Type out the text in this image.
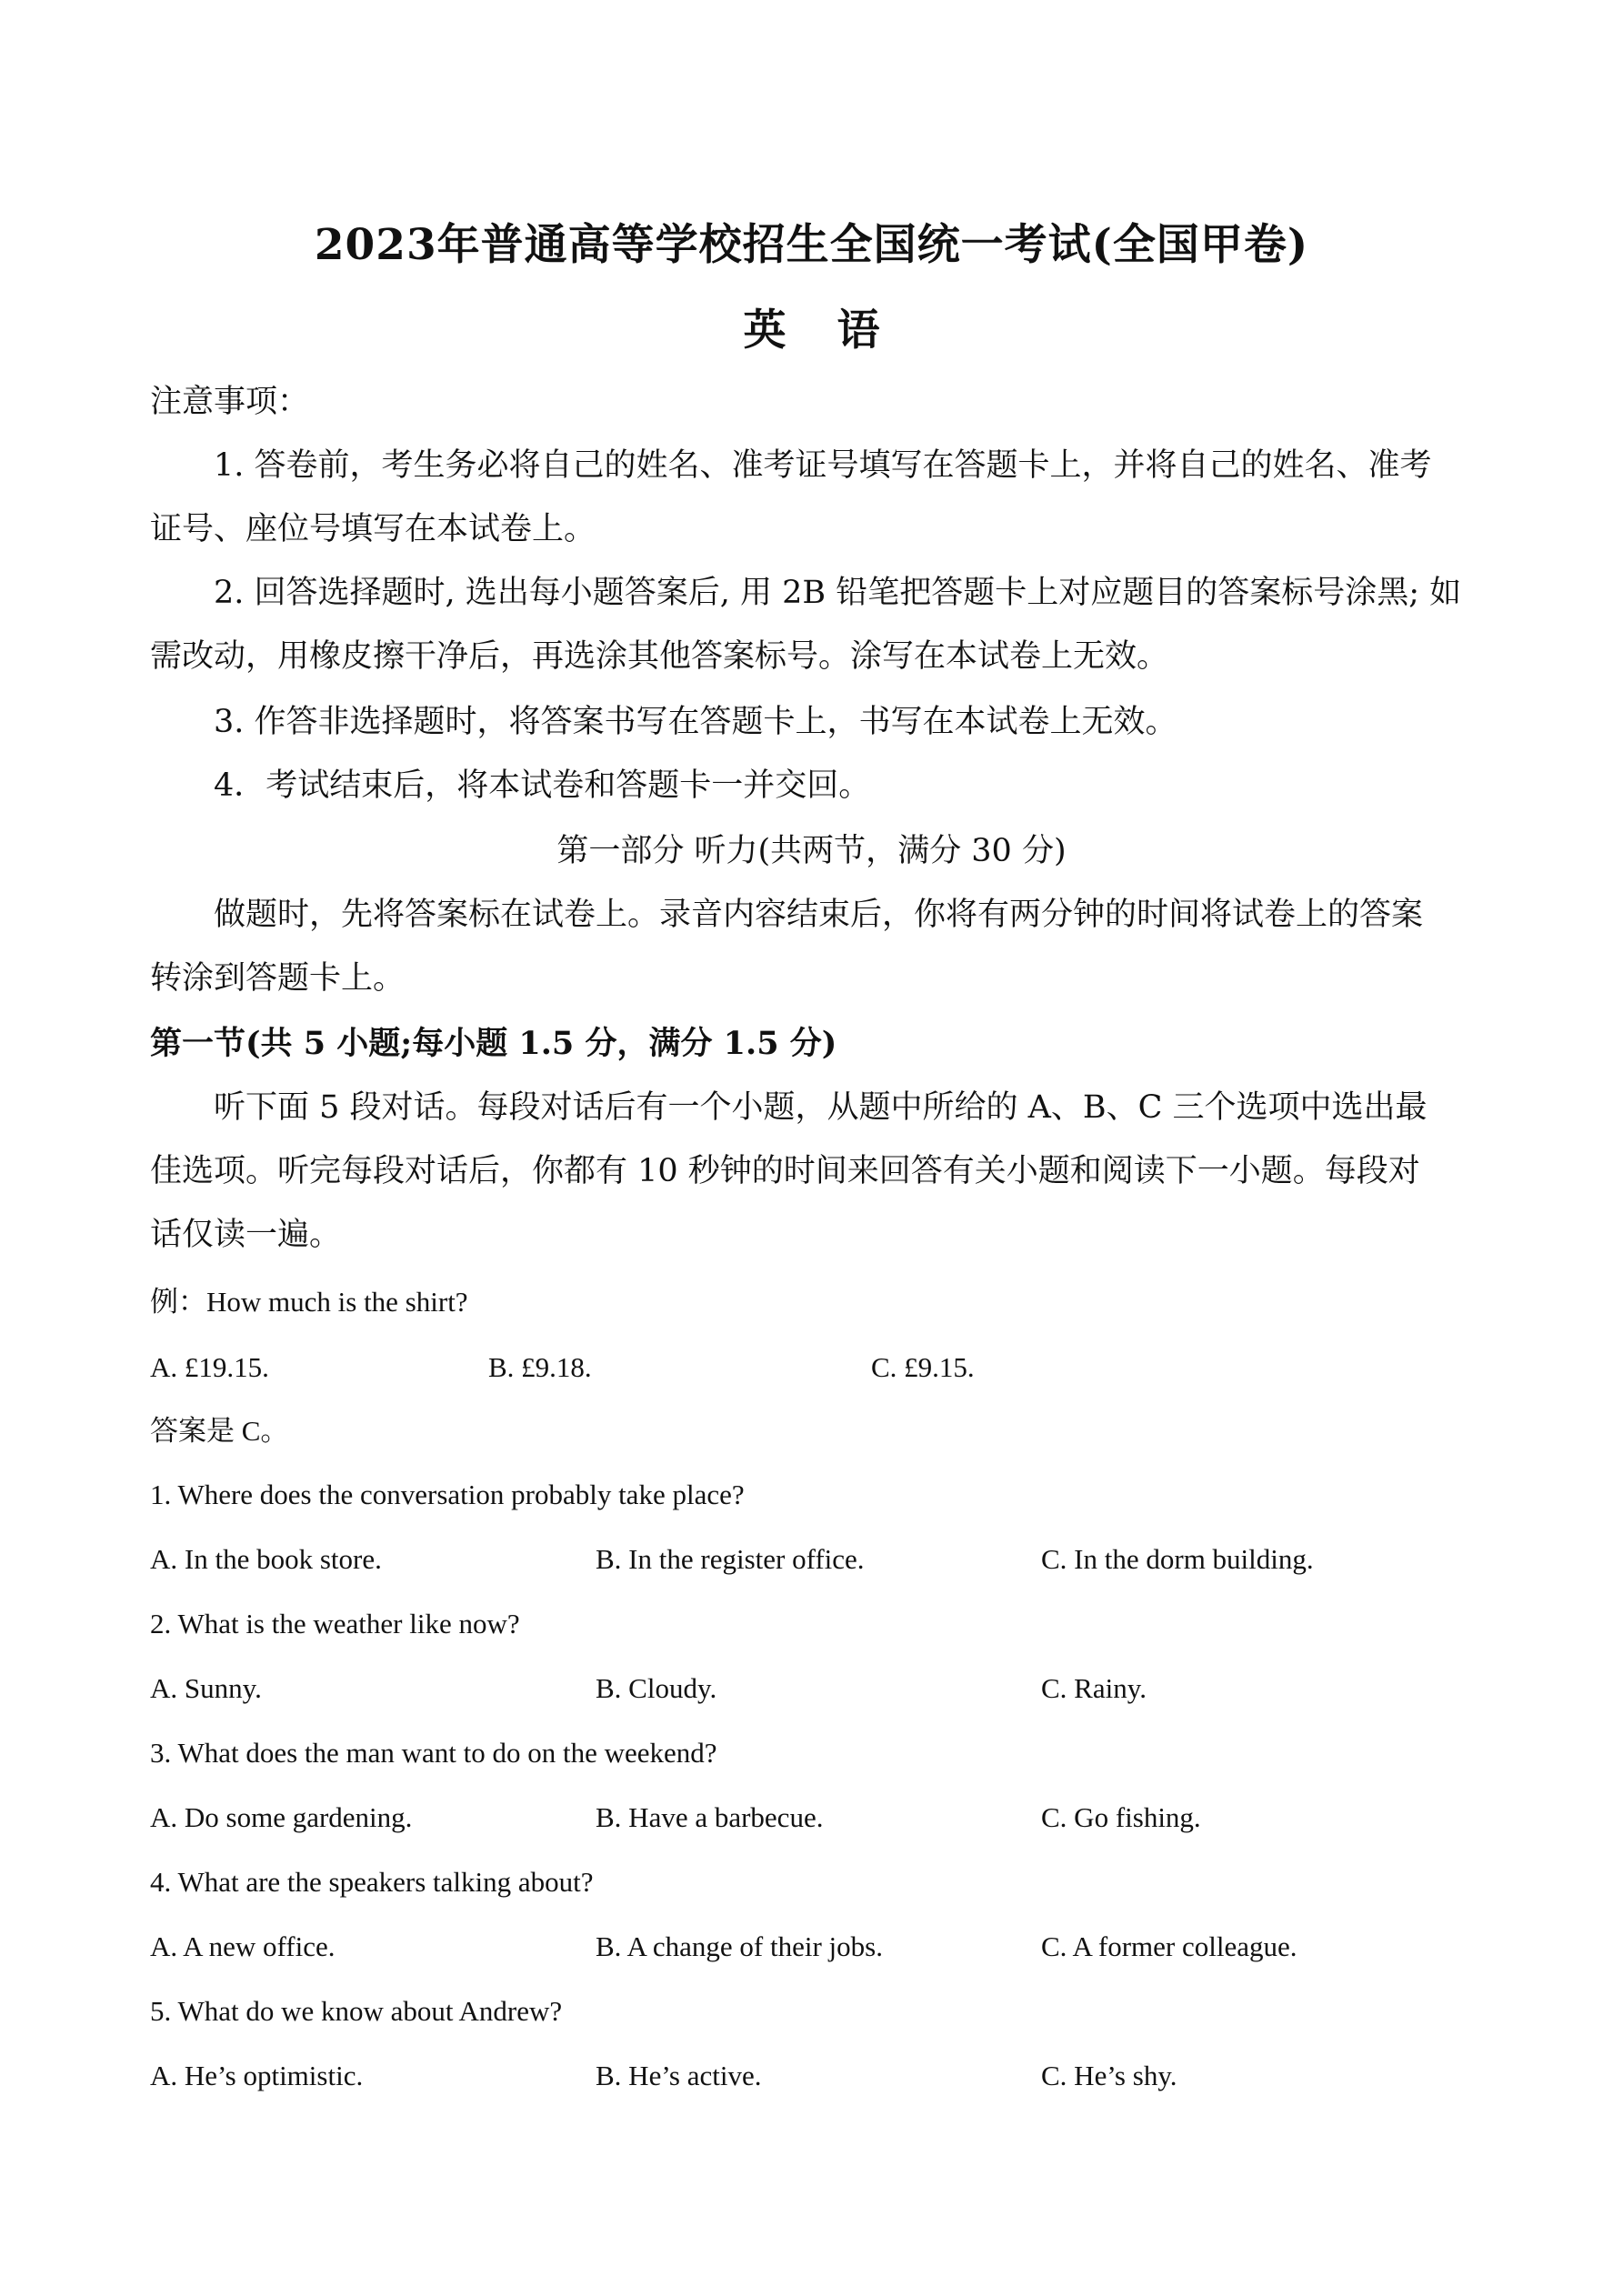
2023年普通高等学校招生全国统一考试(全国甲卷)
英 语
注意事项：
1. 答卷前，考生务必将自己的姓名、准考证号填写在答题卡上，并将自己的姓名、准考
证号、座位号填写在本试卷上。
2. 回答选择题时, 选出每小题答案后, 用 2B 铅笔把答题卡上对应题目的答案标号涂黑; 如
需改动，用橡皮擦干净后，再选涂其他答案标号。涂写在本试卷上无效。
3. 作答非选择题时，将答案书写在答题卡上，书写在本试卷上无效。
4．考试结束后，将本试卷和答题卡一并交回。
第一部分 听力(共两节，满分 30 分)
做题时，先将答案标在试卷上。录音内容结束后，你将有两分钟的时间将试卷上的答案
转涂到答题卡上。
第一节(共 5 小题;每小题 1.5 分，满分 1.5 分)
听下面 5 段对话。每段对话后有一个小题，从题中所给的 A、B、C 三个选项中选出最
佳选项。听完每段对话后，你都有 10 秒钟的时间来回答有关小题和阅读下一小题。每段对
话仅读一遍。
例：How much is the shirt?
A. £19.15.	B. £9.18.	C. £9.15.
答案是 C。
1. Where does the conversation probably take place?
A. In the book store.	B. In the register office.	C. In the dorm building.
2. What is the weather like now?
A. Sunny.	B. Cloudy.	C. Rainy.
3. What does the man want to do on the weekend?
A. Do some gardening.	B. Have a barbecue.	C. Go fishing.
4. What are the speakers talking about?
A. A new office.	B. A change of their jobs.	C. A former colleague.
5. What do we know about Andrew?
A. He’s optimistic.	B. He’s active.	C. He’s shy.
